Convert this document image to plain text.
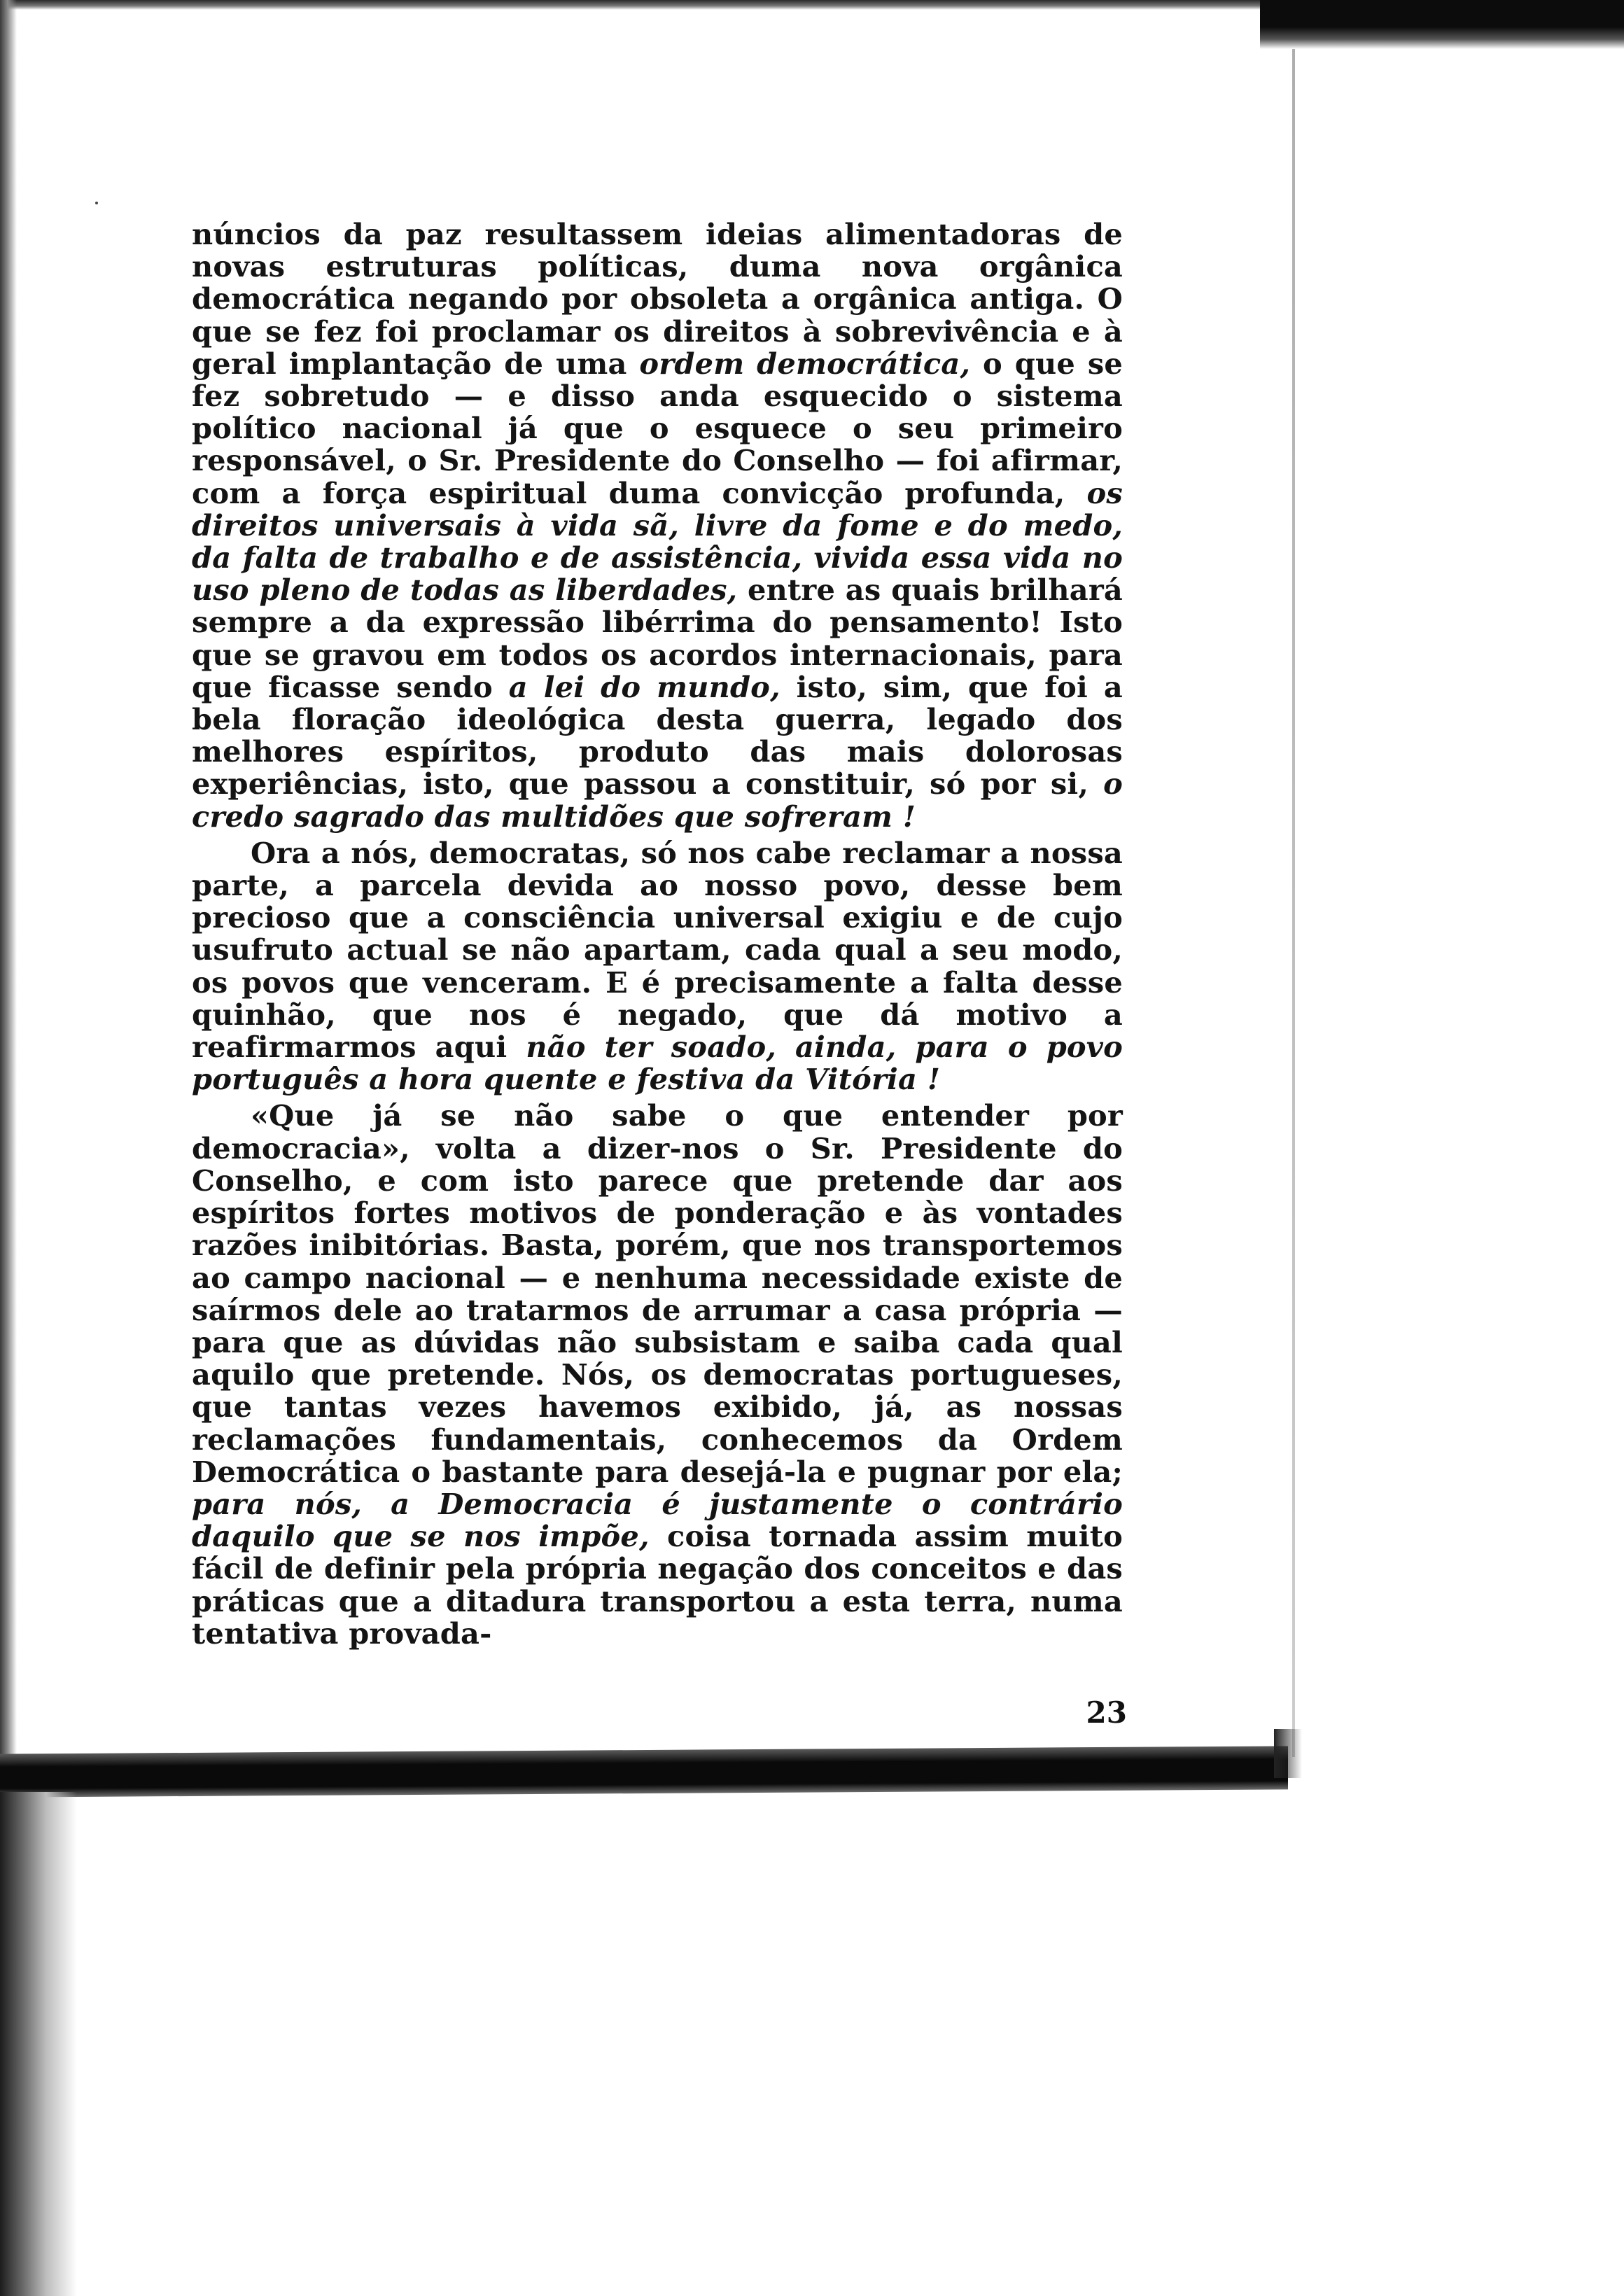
núncios da paz resultassem ideias alimentadoras de novas estruturas políticas, duma nova orgânica democrática negando por obsoleta a orgânica antiga. O que se fez foi proclamar os direitos à sobrevivência e à geral implantação de uma ordem democrática, o que se fez sobretudo — e disso anda esquecido o sistema político nacional já que o esquece o seu primeiro responsável, o Sr. Presidente do Conselho — foi afirmar, com a força espiritual duma convicção profunda, os direitos universais à vida sã, livre da fome e do medo, da falta de trabalho e de assistência, vivida essa vida no uso pleno de todas as liberdades, entre as quais brilhará sempre a da expressão libérrima do pensamento! Isto que se gravou em todos os acordos internacionais, para que ficasse sendo a lei do mundo, isto, sim, que foi a bela floração ideológica desta guerra, legado dos melhores espíritos, produto das mais dolorosas experiências, isto, que passou a constituir, só por si, o credo sagrado das multidões que sofreram !

Ora a nós, democratas, só nos cabe reclamar a nossa parte, a parcela devida ao nosso povo, desse bem precioso que a consciência universal exigiu e de cujo usufruto actual se não apartam, cada qual a seu modo, os povos que venceram. E é precisamente a falta desse quinhão, que nos é negado, que dá motivo a reafirmarmos aqui não ter soado, ainda, para o povo português a hora quente e festiva da Vitória !

«Que já se não sabe o que entender por democracia», volta a dizer-nos o Sr. Presidente do Conselho, e com isto parece que pretende dar aos espíritos fortes motivos de ponderação e às vontades razões inibitórias. Basta, porém, que nos transportemos ao campo nacional — e nenhuma necessidade existe de saírmos dele ao tratarmos de arrumar a casa própria — para que as dúvidas não subsistam e saiba cada qual aquilo que pretende. Nós, os democratas portugueses, que tantas vezes havemos exibido, já, as nossas reclamações fundamentais, conhecemos da Ordem Democrática o bastante para desejá-la e pugnar por ela; para nós, a Democracia é justamente o contrário daquilo que se nos impõe, coisa tornada assim muito fácil de definir pela própria negação dos conceitos e das práticas que a ditadura transportou a esta terra, numa tentativa provada-

23
